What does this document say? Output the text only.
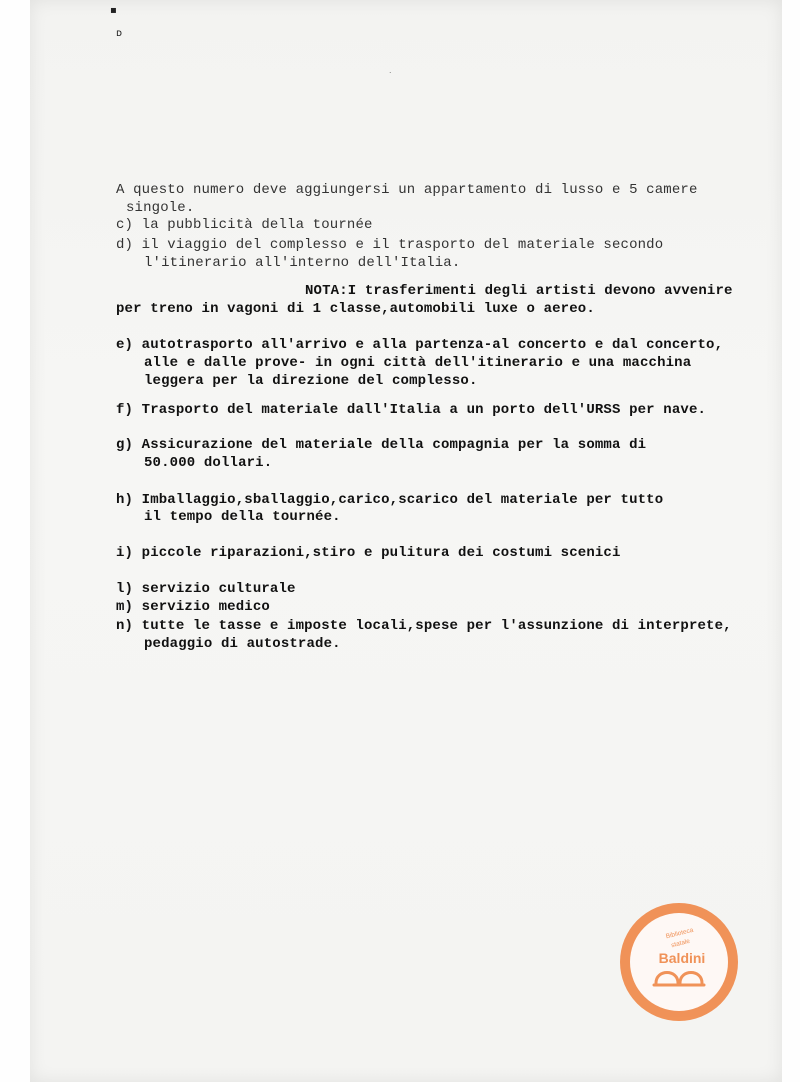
▪
ᴅ
˙
A questo numero deve aggiungersi un appartamento di lusso e 5 camere
singole.
c) la pubblicità della tournée
d) il viaggio del complesso e il trasporto del materiale secondo
l'itinerario all'interno dell'Italia.
NOTA:I trasferimenti degli artisti devono avvenire
per treno in vagoni di 1 classe,automobili luxe o aereo.
e) autotrasporto all'arrivo e alla partenza-al concerto e dal concerto,
alle e dalle prove- in ogni città dell'itinerario e una macchina
leggera per la direzione del complesso.
f) Trasporto del materiale dall'Italia a un porto dell'URSS per nave.
g) Assicurazione del materiale della compagnia per la somma di
50.000 dollari.
h) Imballaggio,sballaggio,carico,scarico del materiale per tutto
il tempo della tournée.
i) piccole riparazioni,stiro e pulitura dei costumi scenici
l) servizio culturale
m) servizio medico
n) tutte le tasse e imposte locali,spese per l'assunzione di interprete,
pedaggio di autostrade.
Biblioteca
statale
Baldini
